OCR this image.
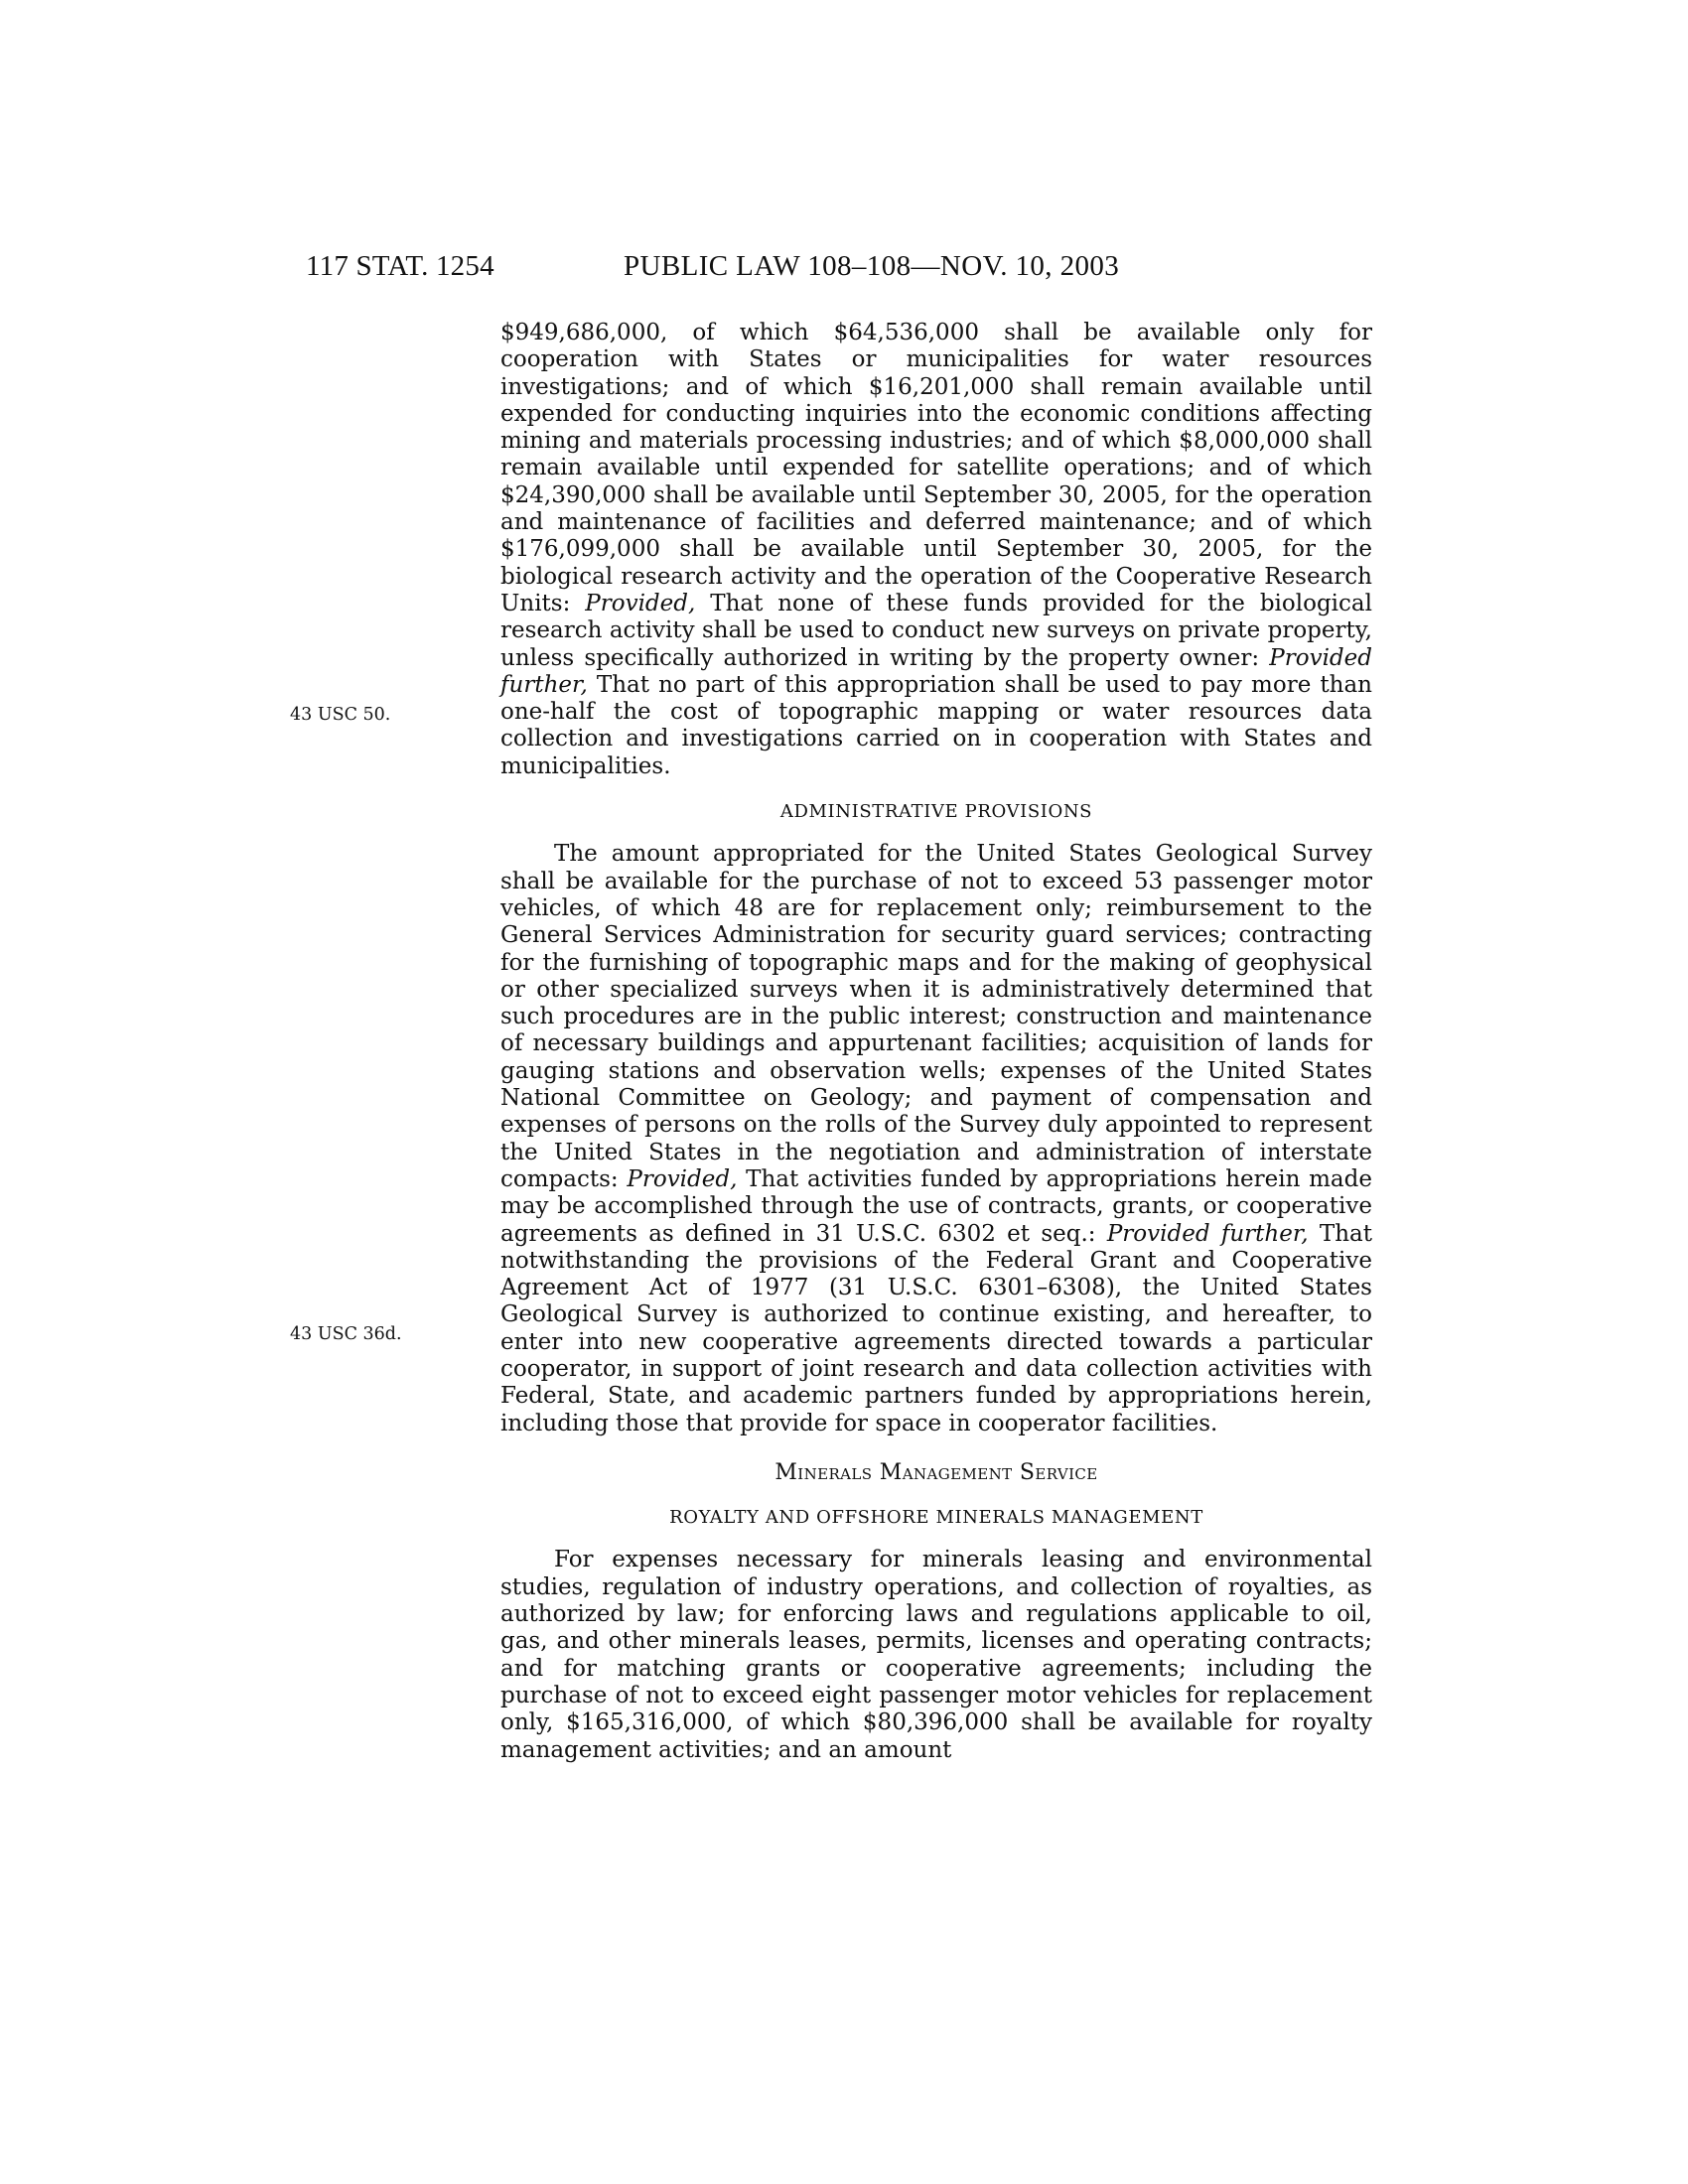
117 STAT. 1254	PUBLIC LAW 108–108—NOV. 10, 2003
43 USC 50.
43 USC 36d.

$949,686,000, of which $64,536,000 shall be available only for cooperation with States or municipalities for water resources investigations; and of which $16,201,000 shall remain available until expended for conducting inquiries into the economic conditions affecting mining and materials processing industries; and of which $8,000,000 shall remain available until expended for satellite operations; and of which $24,390,000 shall be available until September 30, 2005, for the operation and maintenance of facilities and deferred maintenance; and of which $176,099,000 shall be available until September 30, 2005, for the biological research activity and the operation of the Cooperative Research Units: Provided, That none of these funds provided for the biological research activity shall be used to conduct new surveys on private property, unless specifically authorized in writing by the property owner: Provided further, That no part of this appropriation shall be used to pay more than one-half the cost of topographic mapping or water resources data collection and investigations carried on in cooperation with States and municipalities.

ADMINISTRATIVE PROVISIONS

The amount appropriated for the United States Geological Survey shall be available for the purchase of not to exceed 53 passenger motor vehicles, of which 48 are for replacement only; reimbursement to the General Services Administration for security guard services; contracting for the furnishing of topographic maps and for the making of geophysical or other specialized surveys when it is administratively determined that such procedures are in the public interest; construction and maintenance of necessary buildings and appurtenant facilities; acquisition of lands for gauging stations and observation wells; expenses of the United States National Committee on Geology; and payment of compensation and expenses of persons on the rolls of the Survey duly appointed to represent the United States in the negotiation and administration of interstate compacts: Provided, That activities funded by appropriations herein made may be accomplished through the use of contracts, grants, or cooperative agreements as defined in 31 U.S.C. 6302 et seq.: Provided further, That notwithstanding the provisions of the Federal Grant and Cooperative Agreement Act of 1977 (31 U.S.C. 6301–6308), the United States Geological Survey is authorized to continue existing, and hereafter, to enter into new cooperative agreements directed towards a particular cooperator, in support of joint research and data collection activities with Federal, State, and academic partners funded by appropriations herein, including those that provide for space in cooperator facilities.

Minerals Management Service
ROYALTY AND OFFSHORE MINERALS MANAGEMENT

For expenses necessary for minerals leasing and environmental studies, regulation of industry operations, and collection of royalties, as authorized by law; for enforcing laws and regulations applicable to oil, gas, and other minerals leases, permits, licenses and operating contracts; and for matching grants or cooperative agreements; including the purchase of not to exceed eight passenger motor vehicles for replacement only, $165,316,000, of which $80,396,000 shall be available for royalty management activities; and an amount
